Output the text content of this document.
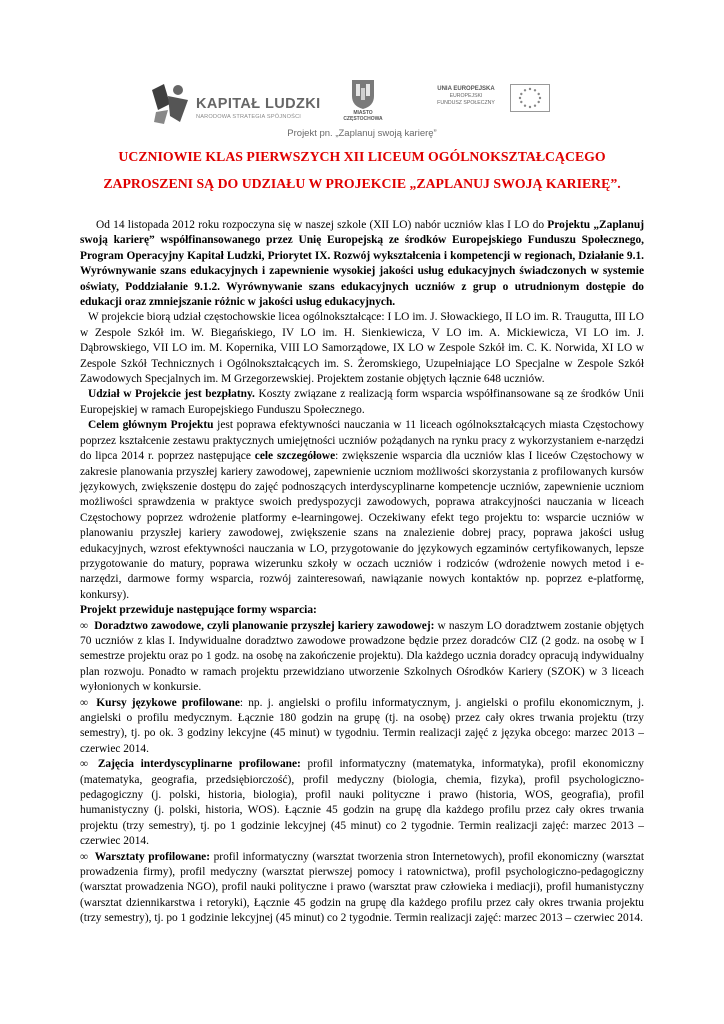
KAPITAŁ LUDZKI
NARODOWA STRATEGIA SPÓJNOŚCI
MIASTO
CZĘSTOCHOWA
UNIA EUROPEJSKA
EUROPEJSKI
FUNDUSZ SPOŁECZNY

Projekt pn. „Zaplanuj swoją karierę”

UCZNIOWIE KLAS PIERWSZYCH XII LICEUM OGÓLNOKSZTAŁCĄCEGO
ZAPROSZENI SĄ DO UDZIAŁU W PROJEKCIE „ZAPLANUJ SWOJĄ KARIERĘ”.

Od 14 listopada 2012 roku rozpoczyna się w naszej szkole (XII LO) nabór uczniów klas I LO do Projektu „Zaplanuj swoją karierę” współfinansowanego przez Unię Europejską ze środków Europejskiego Funduszu Społecznego, Program Operacyjny Kapitał Ludzki, Priorytet IX. Rozwój wykształcenia i kompetencji w regionach, Działanie 9.1. Wyrównywanie szans edukacyjnych i zapewnienie wysokiej jakości usług edukacyjnych świadczonych w systemie oświaty, Poddziałanie 9.1.2. Wyrównywanie szans edukacyjnych uczniów z grup o utrudnionym dostępie do edukacji oraz zmniejszanie różnic w jakości usług edukacyjnych.

W projekcie biorą udział częstochowskie licea ogólnokształcące: I LO im. J. Słowackiego, II LO im. R. Traugutta, III LO w Zespole Szkół im. W. Biegańskiego, IV LO im. H. Sienkiewicza, V LO im. A. Mickiewicza, VI LO im. J. Dąbrowskiego, VII LO im. M. Kopernika, VIII LO Samorządowe, IX LO w Zespole Szkół im. C. K. Norwida, XI LO w Zespole Szkół Technicznych i Ogólnokształcących im. S. Żeromskiego, Uzupełniające LO Specjalne w Zespole Szkół Zawodowych Specjalnych im. M Grzegorzewskiej. Projektem zostanie objętych łącznie 648 uczniów.

Udział w Projekcie jest bezpłatny. Koszty związane z realizacją form wsparcia współfinansowane są ze środków Unii Europejskiej w ramach Europejskiego Funduszu Społecznego.

Celem głównym Projektu jest poprawa efektywności nauczania w 11 liceach ogólnokształcących miasta Częstochowy poprzez kształcenie zestawu praktycznych umiejętności uczniów pożądanych na rynku pracy z wykorzystaniem e-narzędzi do lipca 2014 r. poprzez następujące cele szczegółowe: zwiększenie wsparcia dla uczniów klas I liceów Częstochowy w zakresie planowania przyszłej kariery zawodowej, zapewnienie uczniom możliwości skorzystania z profilowanych kursów językowych, zwiększenie dostępu do zajęć podnoszących interdyscyplinarne kompetencje uczniów, zapewnienie uczniom możliwości sprawdzenia w praktyce swoich predyspozycji zawodowych, poprawa atrakcyjności nauczania w liceach Częstochowy poprzez wdrożenie platformy e-learningowej. Oczekiwany efekt tego projektu to: wsparcie uczniów w planowaniu przyszłej kariery zawodowej, zwiększenie szans na znalezienie dobrej pracy, poprawa jakości usług edukacyjnych, wzrost efektywności nauczania w LO, przygotowanie do językowych egzaminów certyfikowanych, lepsze przygotowanie do matury, poprawa wizerunku szkoły w oczach uczniów i rodziców (wdrożenie nowych metod i e-narzędzi, darmowe formy wsparcia, rozwój zainteresowań, nawiązanie nowych kontaktów np. poprzez e-platformę, konkursy).

Projekt przewiduje następujące formy wsparcia:

∞ Doradztwo zawodowe, czyli planowanie przyszłej kariery zawodowej: w naszym LO doradztwem zostanie objętych 70 uczniów z klas I. Indywidualne doradztwo zawodowe prowadzone będzie przez doradców CIZ (2 godz. na osobę w I semestrze projektu oraz po 1 godz. na osobę na zakończenie projektu). Dla każdego ucznia doradcy opracują indywidualny plan rozwoju. Ponadto w ramach projektu przewidziano utworzenie Szkolnych Ośrodków Kariery (SZOK) w 3 liceach wyłonionych w konkursie.

∞ Kursy językowe profilowane: np. j. angielski o profilu informatycznym, j. angielski o profilu ekonomicznym, j. angielski o profilu medycznym. Łącznie 180 godzin na grupę (tj. na osobę) przez cały okres trwania projektu (trzy semestry), tj. po ok. 3 godziny lekcyjne (45 minut) w tygodniu. Termin realizacji zajęć z języka obcego: marzec 2013 – czerwiec 2014.

∞ Zajęcia interdyscyplinarne profilowane: profil informatyczny (matematyka, informatyka), profil ekonomiczny (matematyka, geografia, przedsiębiorczość), profil medyczny (biologia, chemia, fizyka), profil psychologiczno-pedagogiczny (j. polski, historia, biologia), profil nauki polityczne i prawo (historia, WOS, geografia), profil humanistyczny (j. polski, historia, WOS). Łącznie 45 godzin na grupę dla każdego profilu przez cały okres trwania projektu (trzy semestry), tj. po 1 godzinie lekcyjnej (45 minut) co 2 tygodnie. Termin realizacji zajęć: marzec 2013 – czerwiec 2014.

∞ Warsztaty profilowane: profil informatyczny (warsztat tworzenia stron Internetowych), profil ekonomiczny (warsztat prowadzenia firmy), profil medyczny (warsztat pierwszej pomocy i ratownictwa), profil psychologiczno-pedagogiczny (warsztat prowadzenia NGO), profil nauki polityczne i prawo (warsztat praw człowieka i mediacji), profil humanistyczny (warsztat dziennikarstwa i retoryki), Łącznie 45 godzin na grupę dla każdego profilu przez cały okres trwania projektu (trzy semestry), tj. po 1 godzinie lekcyjnej (45 minut) co 2 tygodnie. Termin realizacji zajęć: marzec 2013 – czerwiec 2014.
